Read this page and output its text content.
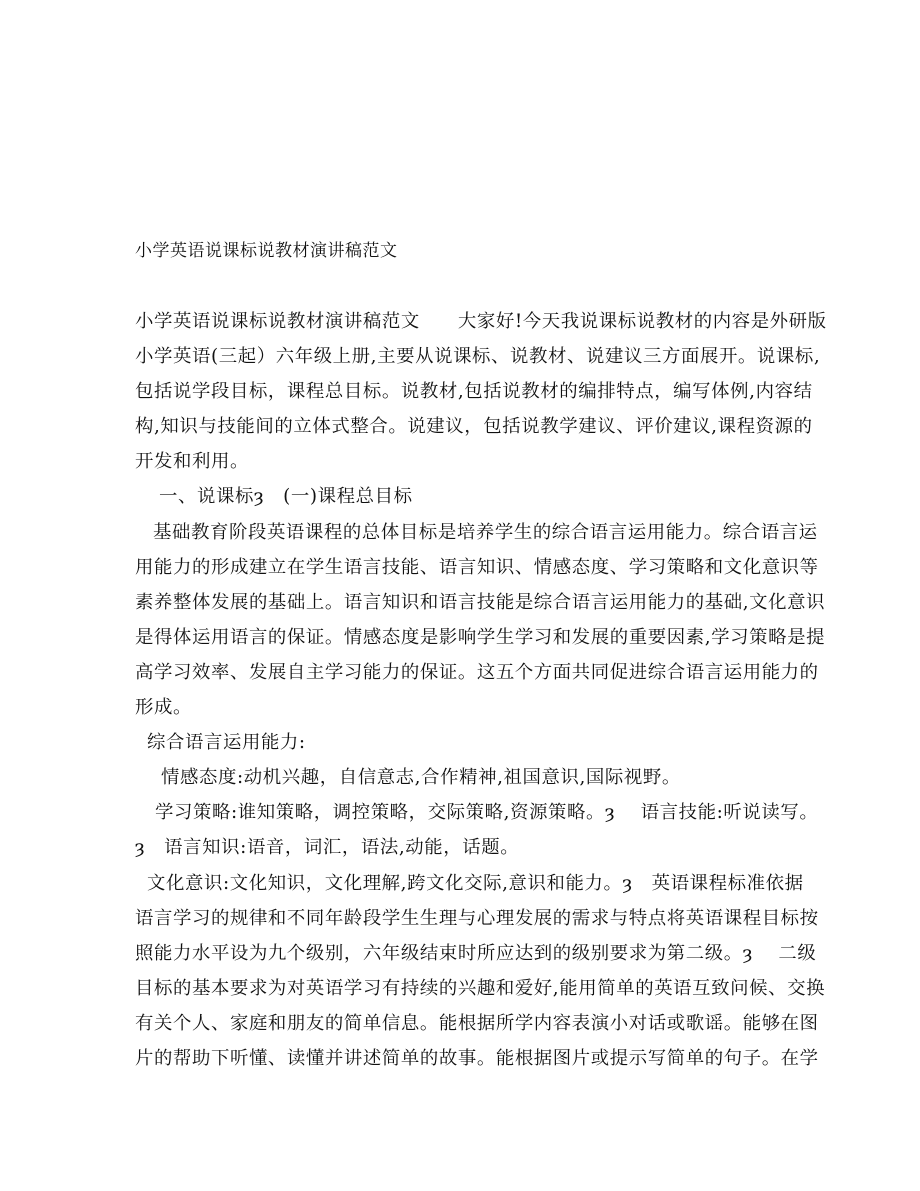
小学英语说课标说教材演讲稿范文
小学英语说课标说教材演讲稿范文　　大家好!今天我说课标说教材的内容是外研版
小学英语(三起）六年级上册,主要从说课标、说教材、说建议三方面展开。说课标,
包括说学段目标，课程总目标。说教材,包括说教材的编排特点，编写体例,内容结
构,知识与技能间的立体式整合。说建议，包括说教学建议、评价建议,课程资源的
开发和利用。
一、说课标ȝ　(一)课程总目标
基础教育阶段英语课程的总体目标是培养学生的综合语言运用能力。综合语言运
用能力的形成建立在学生语言技能、语言知识、情感态度、学习策略和文化意识等
素养整体发展的基础上。语言知识和语言技能是综合语言运用能力的基础,文化意识
是得体运用语言的保证。情感态度是影响学生学习和发展的重要因素,学习策略是提
高学习效率、发展自主学习能力的保证。这五个方面共同促进综合语言运用能力的
形成。
综合语言运用能力:
情感态度:动机兴趣，自信意志,合作精神,祖国意识,国际视野。
学习策略:谁知策略，调控策略，交际策略,资源策略。ȝ　 语言技能:听说读写。
ȝ　语言知识:语音，词汇，语法,动能，话题。
文化意识:文化知识，文化理解,跨文化交际,意识和能力。ȝ　英语课程标准依据
语言学习的规律和不同年龄段学生生理与心理发展的需求与特点将英语课程目标按
照能力水平设为九个级别，六年级结束时所应达到的级别要求为第二级。ȝ　 二级
目标的基本要求为对英语学习有持续的兴趣和爱好,能用简单的英语互致问候、交换
有关个人、家庭和朋友的简单信息。能根据所学内容表演小对话或歌谣。能够在图
片的帮助下听懂、读懂并讲述简单的故事。能根据图片或提示写简单的句子。在学
